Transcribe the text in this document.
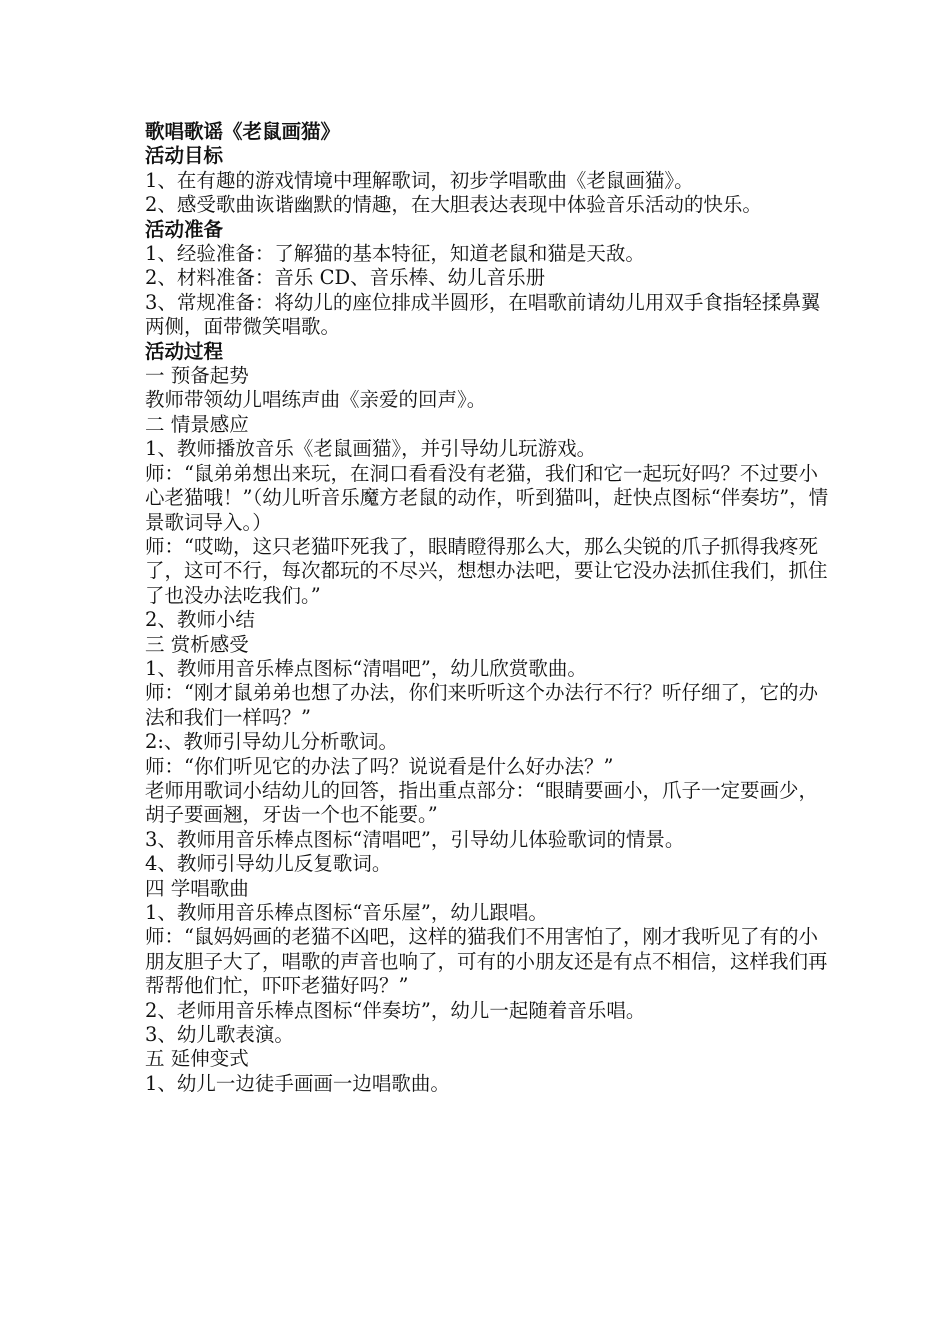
歌唱歌谣《老鼠画猫》

活动目标

1、在有趣的游戏情境中理解歌词，初步学唱歌曲《老鼠画猫》。

2、感受歌曲诙谐幽默的情趣，在大胆表达表现中体验音乐活动的快乐。

活动准备

1、经验准备：了解猫的基本特征，知道老鼠和猫是天敌。

2、材料准备：音乐 CD、音乐棒、幼儿音乐册

3、常规准备：将幼儿的座位排成半圆形，在唱歌前请幼儿用双手食指轻揉鼻翼两侧，面带微笑唱歌。

活动过程

一 预备起势

教师带领幼儿唱练声曲《亲爱的回声》。

二 情景感应

1、教师播放音乐《老鼠画猫》，并引导幼儿玩游戏。

师：“鼠弟弟想出来玩，在洞口看看没有老猫，我们和它一起玩好吗？不过要小心老猫哦！”（幼儿听音乐魔方老鼠的动作，听到猫叫，赶快点图标“伴奏坊”，情景歌词导入。）

师：“哎呦，这只老猫吓死我了，眼睛瞪得那么大，那么尖锐的爪子抓得我疼死了，这可不行，每次都玩的不尽兴，想想办法吧，要让它没办法抓住我们，抓住了也没办法吃我们。”

2、教师小结

三 赏析感受

1、教师用音乐棒点图标“清唱吧”，幼儿欣赏歌曲。

师：“刚才鼠弟弟也想了办法，你们来听听这个办法行不行？听仔细了，它的办法和我们一样吗？”

2:、教师引导幼儿分析歌词。

师：“你们听见它的办法了吗？说说看是什么好办法？”

老师用歌词小结幼儿的回答，指出重点部分：“眼睛要画小，爪子一定要画少，胡子要画翘，牙齿一个也不能要。”

3、教师用音乐棒点图标“清唱吧”，引导幼儿体验歌词的情景。

4、教师引导幼儿反复歌词。

四 学唱歌曲

1、教师用音乐棒点图标“音乐屋”，幼儿跟唱。

师：“鼠妈妈画的老猫不凶吧，这样的猫我们不用害怕了，刚才我听见了有的小朋友胆子大了，唱歌的声音也响了，可有的小朋友还是有点不相信，这样我们再帮帮他们忙，吓吓老猫好吗？”

2、老师用音乐棒点图标“伴奏坊”，幼儿一起随着音乐唱。

3、幼儿歌表演。

五 延伸变式

1、幼儿一边徒手画画一边唱歌曲。
